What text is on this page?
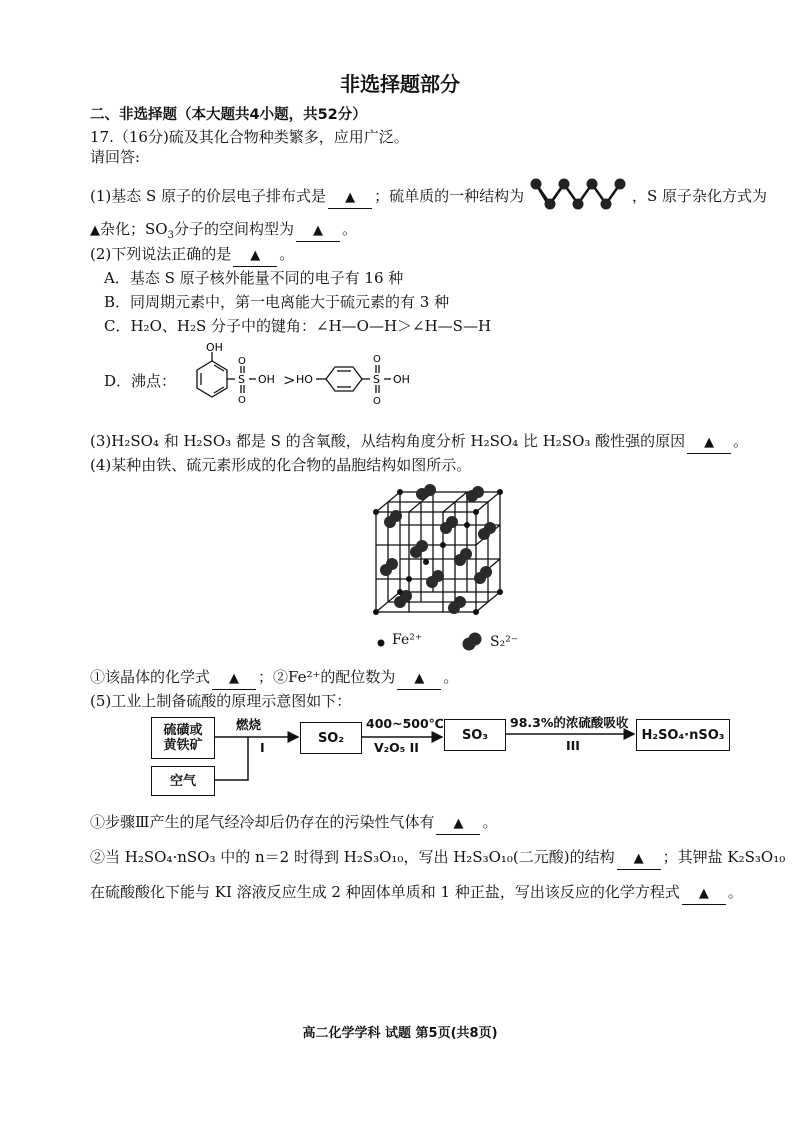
非选择题部分
二、非选择题（本大题共4小题，共52分）
17.（16分)硫及其化合物种类繁多，应用广泛。
请回答:
(1)基态 S 原子的价层电子排布式是 ▲ ；硫单质的一种结构为	，S 原子杂化方式为
▲杂化；$SO_3$分子的空间构型为 ▲ 。
(2)下列说法正确的是 ▲ 。
A．基态 S 原子核外能量不同的电子有 16 种
B．同周期元素中，第一电离能大于硫元素的有 3 种
C．H₂O、H₂S 分子中的键角：∠H—O—H＞∠H—S—H
D．沸点：
OH
S
O
O
OH > HO	S
O
O
OH
(3)H₂SO₄ 和 H₂SO₃ 都是 S 的含氧酸，从结构角度分析 H₂SO₄ 比 H₂SO₃ 酸性强的原因 ▲ 。
(4)某种由铁、硫元素形成的化合物的晶胞结构如图所示。
Fe²⁺	S₂²⁻
①该晶体的化学式 ▲ ；②Fe²⁺的配位数为 ▲ 。
(5)工业上制备硫酸的原理示意图如下：
硫磺或
黄铁矿
空气
SO₂	SO₃	H₂SO₄·nSO₃
燃烧
I
400~500℃
V₂O₅ II
98.3%的浓硫酸吸收
III
①步骤Ⅲ产生的尾气经冷却后仍存在的污染性气体有 ▲ 。
②当 H₂SO₄·nSO₃ 中的 n＝2 时得到 H₂S₃O₁₀，写出 H₂S₃O₁₀(二元酸)的结构 ▲ ；其钾盐 K₂S₃O₁₀
在硫酸酸化下能与 KI 溶液反应生成 2 种固体单质和 1 种正盐，写出该反应的化学方程式 ▲ 。
高二化学学科 试题 第5页(共8页)
